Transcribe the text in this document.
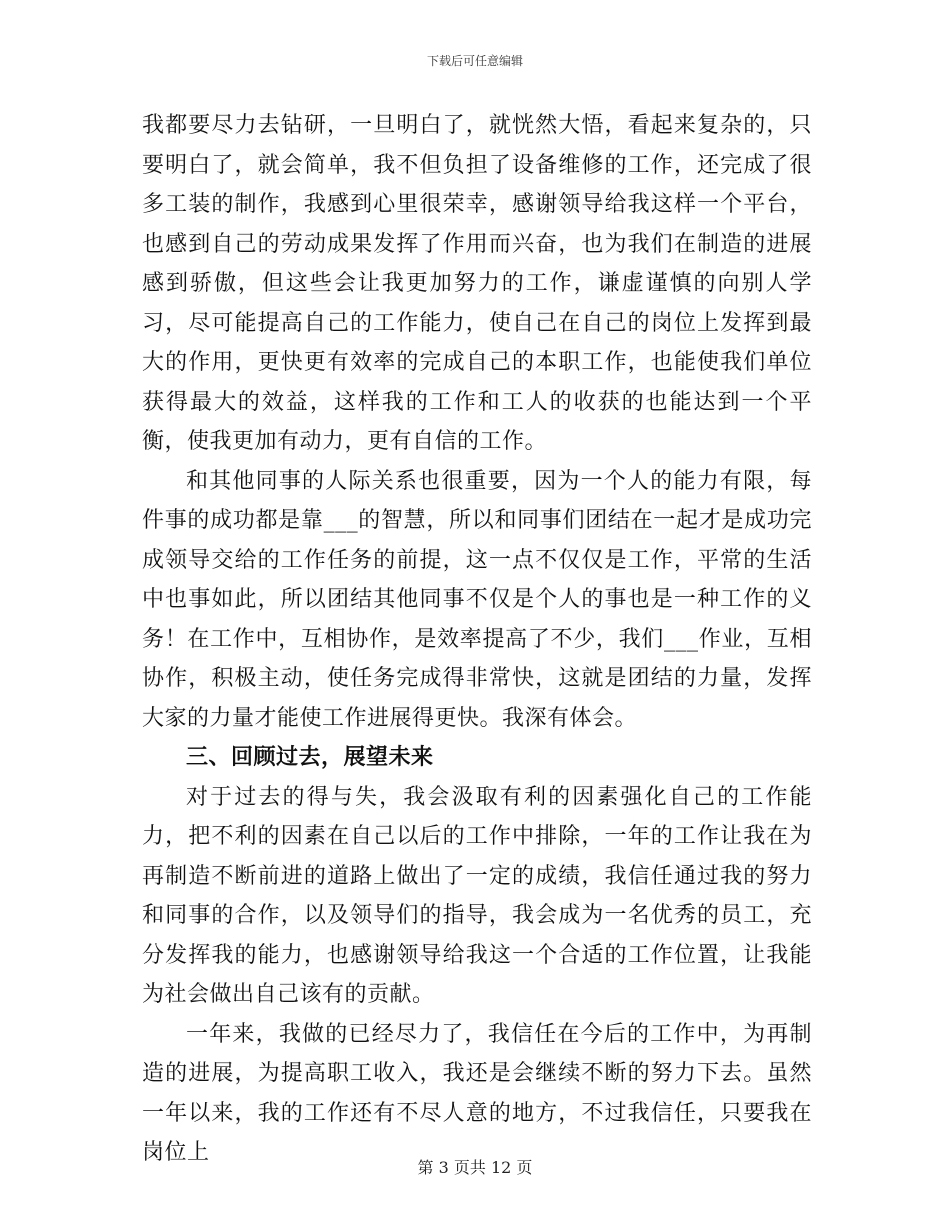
下载后可任意编辑

我都要尽力去钻研，一旦明白了，就恍然大悟，看起来复杂的，只要明白了，就会简单，我不但负担了设备维修的工作，还完成了很多工装的制作，我感到心里很荣幸，感谢领导给我这样一个平台，也感到自己的劳动成果发挥了作用而兴奋，也为我们在制造的进展感到骄傲，但这些会让我更加努力的工作，谦虚谨慎的向别人学习，尽可能提高自己的工作能力，使自己在自己的岗位上发挥到最大的作用，更快更有效率的完成自己的本职工作，也能使我们单位获得最大的效益，这样我的工作和工人的收获的也能达到一个平衡，使我更加有动力，更有自信的工作。

和其他同事的人际关系也很重要，因为一个人的能力有限，每件事的成功都是靠___的智慧，所以和同事们团结在一起才是成功完成领导交给的工作任务的前提，这一点不仅仅是工作，平常的生活中也事如此，所以团结其他同事不仅是个人的事也是一种工作的义务！在工作中，互相协作，是效率提高了不少，我们___作业，互相协作，积极主动，使任务完成得非常快，这就是团结的力量，发挥大家的力量才能使工作进展得更快。我深有体会。

三、回顾过去，展望未来

对于过去的得与失，我会汲取有利的因素强化自己的工作能力，把不利的因素在自己以后的工作中排除，一年的工作让我在为再制造不断前进的道路上做出了一定的成绩，我信任通过我的努力和同事的合作，以及领导们的指导，我会成为一名优秀的员工，充分发挥我的能力，也感谢领导给我这一个合适的工作位置，让我能为社会做出自己该有的贡献。

一年来，我做的已经尽力了，我信任在今后的工作中，为再制造的进展，为提高职工收入，我还是会继续不断的努力下去。虽然一年以来，我的工作还有不尽人意的地方，不过我信任，只要我在岗位上

第 3 页共 12 页
